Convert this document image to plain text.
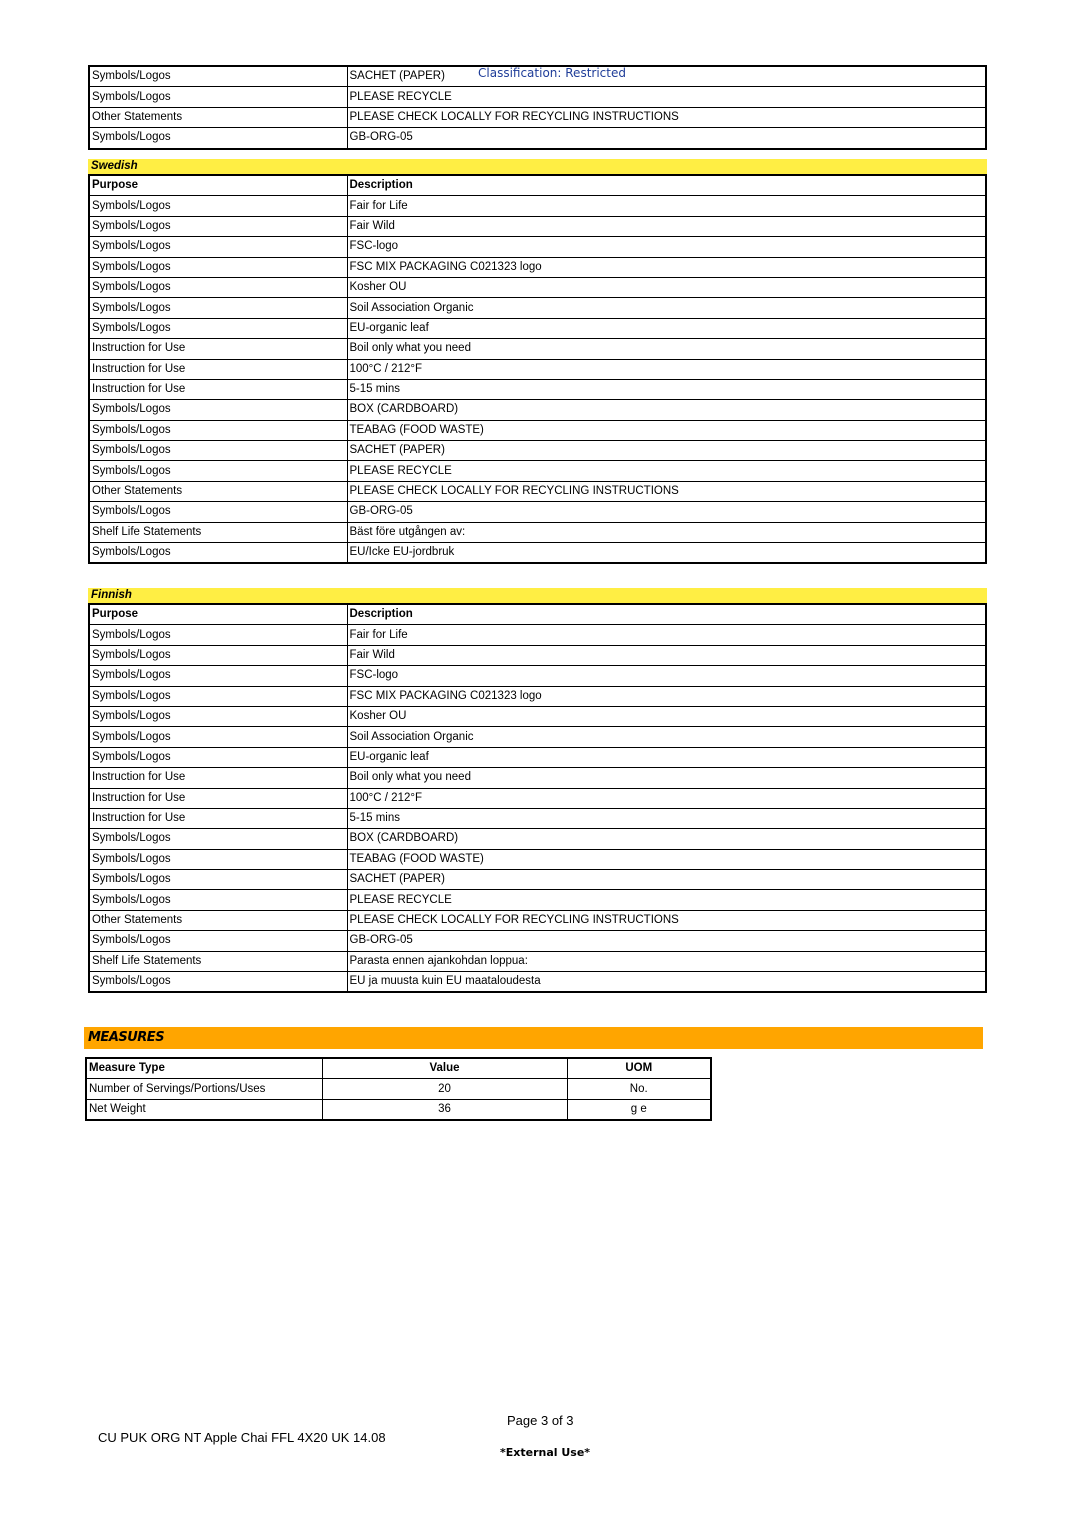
Classification: Restricted
Symbols/Logos	SACHET (PAPER)
Symbols/Logos	PLEASE RECYCLE
Other Statements	PLEASE CHECK LOCALLY FOR RECYCLING INSTRUCTIONS
Symbols/Logos	GB-ORG-05
Swedish
Purpose	Description
Symbols/Logos	Fair for Life
Symbols/Logos	Fair Wild
Symbols/Logos	FSC-logo
Symbols/Logos	FSC MIX PACKAGING C021323 logo
Symbols/Logos	Kosher OU
Symbols/Logos	Soil Association Organic
Symbols/Logos	EU-organic leaf
Instruction for Use	Boil only what you need
Instruction for Use	100°C / 212°F
Instruction for Use	5-15 mins
Symbols/Logos	BOX (CARDBOARD)
Symbols/Logos	TEABAG (FOOD WASTE)
Symbols/Logos	SACHET (PAPER)
Symbols/Logos	PLEASE RECYCLE
Other Statements	PLEASE CHECK LOCALLY FOR RECYCLING INSTRUCTIONS
Symbols/Logos	GB-ORG-05
Shelf Life Statements	Bäst före utgången av:
Symbols/Logos	EU/Icke EU-jordbruk
Finnish
Purpose	Description
Symbols/Logos	Fair for Life
Symbols/Logos	Fair Wild
Symbols/Logos	FSC-logo
Symbols/Logos	FSC MIX PACKAGING C021323 logo
Symbols/Logos	Kosher OU
Symbols/Logos	Soil Association Organic
Symbols/Logos	EU-organic leaf
Instruction for Use	Boil only what you need
Instruction for Use	100°C / 212°F
Instruction for Use	5-15 mins
Symbols/Logos	BOX (CARDBOARD)
Symbols/Logos	TEABAG (FOOD WASTE)
Symbols/Logos	SACHET (PAPER)
Symbols/Logos	PLEASE RECYCLE
Other Statements	PLEASE CHECK LOCALLY FOR RECYCLING INSTRUCTIONS
Symbols/Logos	GB-ORG-05
Shelf Life Statements	Parasta ennen ajankohdan loppua:
Symbols/Logos	EU ja muusta kuin EU maataloudesta
MEASURES
Measure Type	Value	UOM
Number of Servings/Portions/Uses	20	No.
Net Weight	36	g e
Page 3 of 3
CU PUK ORG NT Apple Chai FFL 4X20 UK 14.08
*External Use*
